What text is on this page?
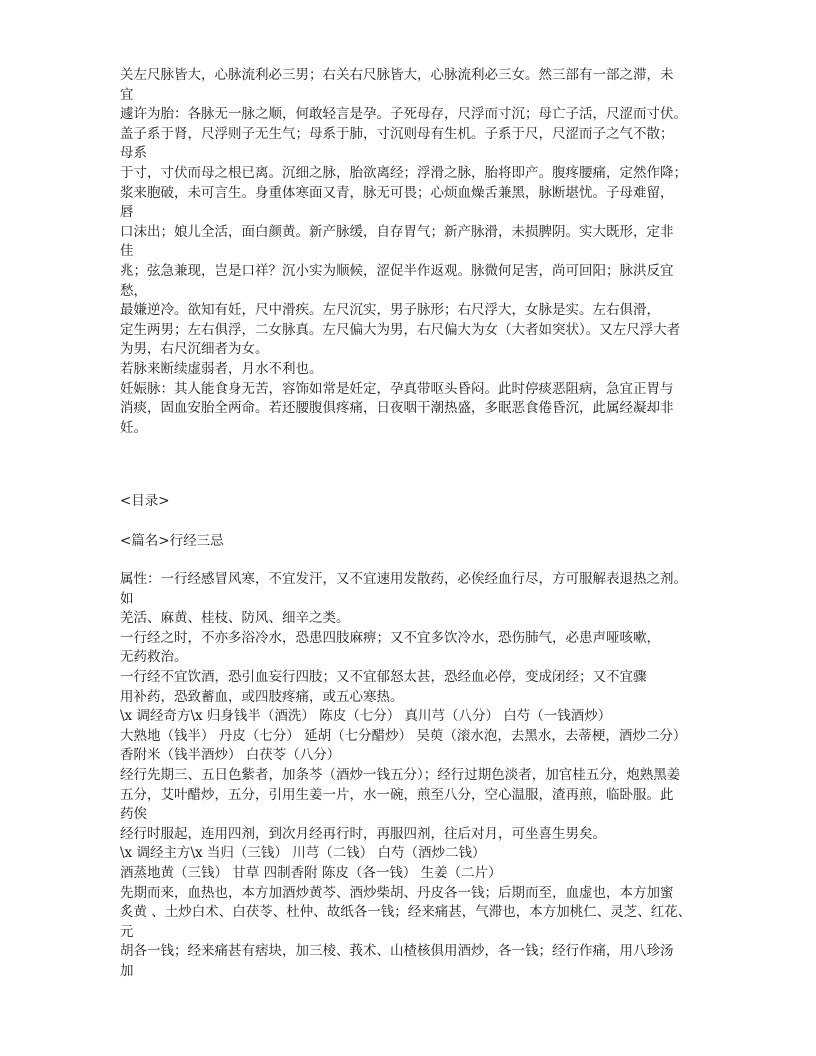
关左尺脉皆大，心脉流利必三男；右关右尺脉皆大，心脉流利必三女。然三部有一部之滞，未
宜
遽许为胎：各脉无一脉之顺，何敢轻言是孕。子死母存，尺浮而寸沉；母亡子活，尺涩而寸伏。
盖子系于肾，尺浮则子无生气；母系于肺，寸沉则母有生机。子系于尺，尺涩而子之气不散；
母系
于寸，寸伏而母之根已离。沉细之脉，胎欲离经；浮滑之脉，胎将即产。腹疼腰痛，定然作降；
浆来胞破，未可言生。身重体寒面又青，脉无可畏；心烦血燥舌兼黑，脉断堪忧。子母难留，
唇
口沫出；娘儿全活，面白颜黄。新产脉缓，自存胃气；新产脉滑，未损脾阴。实大既形，定非
佳
兆；弦急兼现，岂是口祥？沉小实为顺候，涩促半作返观。脉微何足害，尚可回阳；脉洪反宜
愁，
最嫌逆冷。欲知有妊，尺中滑疾。左尺沉实，男子脉形；右尺浮大，女脉是实。左右俱滑，
定生两男；左右俱浮，二女脉真。左尺偏大为男，右尺偏大为女（大者如突状）。又左尺浮大者
为男，右尺沉细者为女。
若脉来断续虚弱者，月水不利也。
妊娠脉：其人能食身无苦，容饰如常是妊定，孕真带呕头昏闷。此时停痰恶阻病，急宜正胃与
消痰，固血安胎全两命。若还腰腹俱疼痛，日夜咽干潮热盛，多眠恶食倦昏沉，此属经凝却非
妊。
<目录>
<篇名>行经三忌
属性：一行经感冒风寒，不宜发汗，又不宜速用发散药，必俟经血行尽，方可服解表退热之剂。
如
羌活、麻黄、桂枝、防风、细辛之类。
一行经之时，不亦多浴冷水，恐患四肢麻痹；又不宜多饮冷水，恐伤肺气，必患声哑咳嗽，
无药救治。
一行经不宜饮酒，恐引血妄行四肢；又不宜郁怒太甚，恐经血必停，变成闭经；又不宜骤
用补药，恐致蓄血，或四肢疼痛，或五心寒热。
\x 调经奇方\x 归身钱半（酒洗） 陈皮（七分） 真川芎（八分） 白芍（一钱酒炒）
大熟地（钱半） 丹皮（七分） 延胡（七分醋炒） 吴萸（滚水泡，去黑水，去蒂梗，酒炒二分）
香附米（钱半酒炒） 白茯苓（八分）
经行先期三、五日色紫者，加条芩（酒炒一钱五分）；经行过期色淡者，加官桂五分，炮熟黑姜
五分，艾叶醋炒，五分，引用生姜一片，水一碗，煎至八分，空心温服，渣再煎，临卧服。此
药俟
经行时服起，连用四剂，到次月经再行时，再服四剂，往后对月，可坐喜生男矣。
\x 调经主方\x 当归（三钱） 川芎（二钱） 白芍（酒炒二钱）
酒蒸地黄（三钱） 甘草 四制香附 陈皮（各一钱） 生姜（二片）
先期而来，血热也，本方加酒炒黄芩、酒炒柴胡、丹皮各一钱；后期而至，血虚也，本方加蜜
炙黄 、土炒白术、白茯苓、杜仲、故纸各一钱；经来痛甚，气滞也，本方加桃仁、灵芝、红花、
元
胡各一钱；经来痛甚有痞块，加三棱、莪术、山楂核俱用酒炒，各一钱；经行作痛，用八珍汤
加
